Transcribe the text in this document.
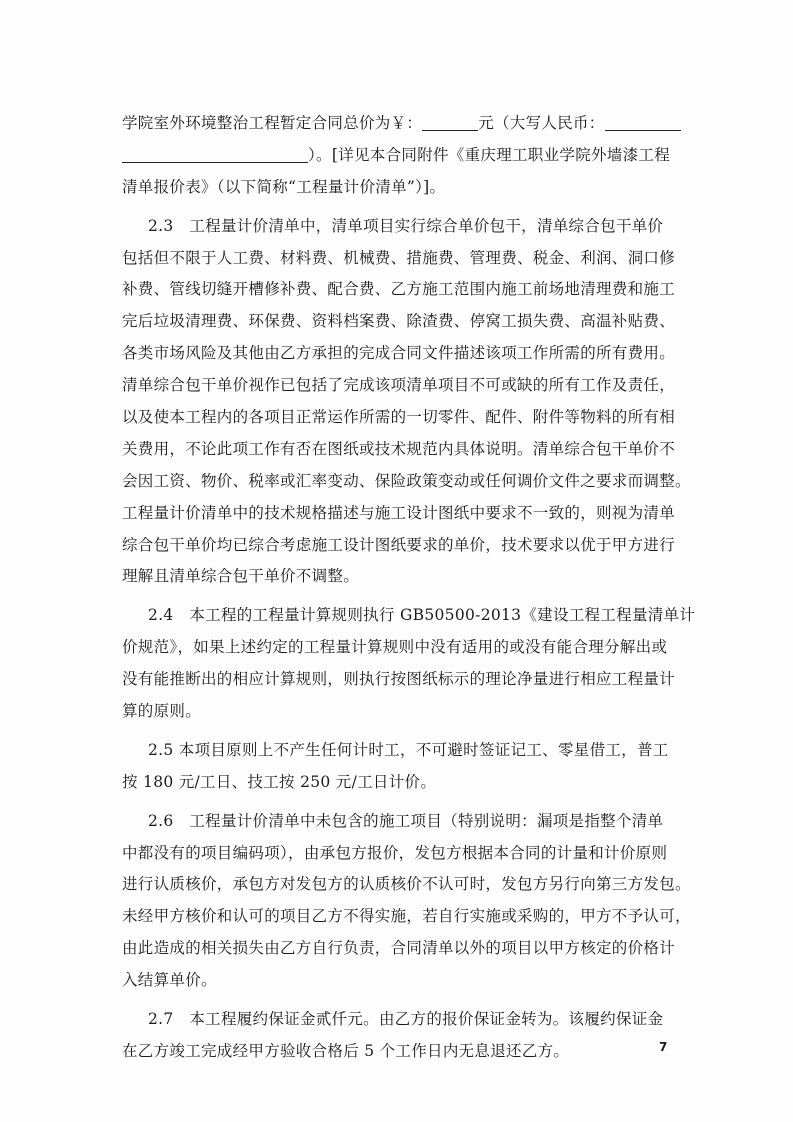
学院室外环境整治工程暂定合同总价为￥：	元（大写人民币：
）。[详见本合同附件《重庆理工职业学院外墙漆工程
清单报价表》（以下简称“工程量计价清单”）]。
2.3　工程量计价清单中，清单项目实行综合单价包干，清单综合包干单价
包括但不限于人工费、材料费、机械费、措施费、管理费、税金、利润、洞口修
补费、管线切缝开槽修补费、配合费、乙方施工范围内施工前场地清理费和施工
完后垃圾清理费、环保费、资料档案费、除渣费、停窝工损失费、高温补贴费、
各类市场风险及其他由乙方承担的完成合同文件描述该项工作所需的所有费用。
清单综合包干单价视作已包括了完成该项清单项目不可或缺的所有工作及责任，
以及使本工程内的各项目正常运作所需的一切零件、配件、附件等物料的所有相
关费用，不论此项工作有否在图纸或技术规范内具体说明。清单综合包干单价不
会因工资、物价、税率或汇率变动、保险政策变动或任何调价文件之要求而调整。
工程量计价清单中的技术规格描述与施工设计图纸中要求不一致的，则视为清单
综合包干单价均已综合考虑施工设计图纸要求的单价，技术要求以优于甲方进行
理解且清单综合包干单价不调整。
2.4　本工程的工程量计算规则执行 GB50500-2013《建设工程工程量清单计
价规范》，如果上述约定的工程量计算规则中没有适用的或没有能合理分解出或
没有能推断出的相应计算规则，则执行按图纸标示的理论净量进行相应工程量计
算的原则。
2.5 本项目原则上不产生任何计时工，不可避时签证记工、零星借工，普工
按 180 元/工日、技工按 250 元/工日计价。
2.6　工程量计价清单中未包含的施工项目（特别说明：漏项是指整个清单
中都没有的项目编码项），由承包方报价，发包方根据本合同的计量和计价原则
进行认质核价，承包方对发包方的认质核价不认可时，发包方另行向第三方发包。
未经甲方核价和认可的项目乙方不得实施，若自行实施或采购的，甲方不予认可，
由此造成的相关损失由乙方自行负责，合同清单以外的项目以甲方核定的价格计
入结算单价。
2.7　本工程履约保证金贰仟元。由乙方的报价保证金转为。该履约保证金
在乙方竣工完成经甲方验收合格后 5 个工作日内无息退还乙方。	7
